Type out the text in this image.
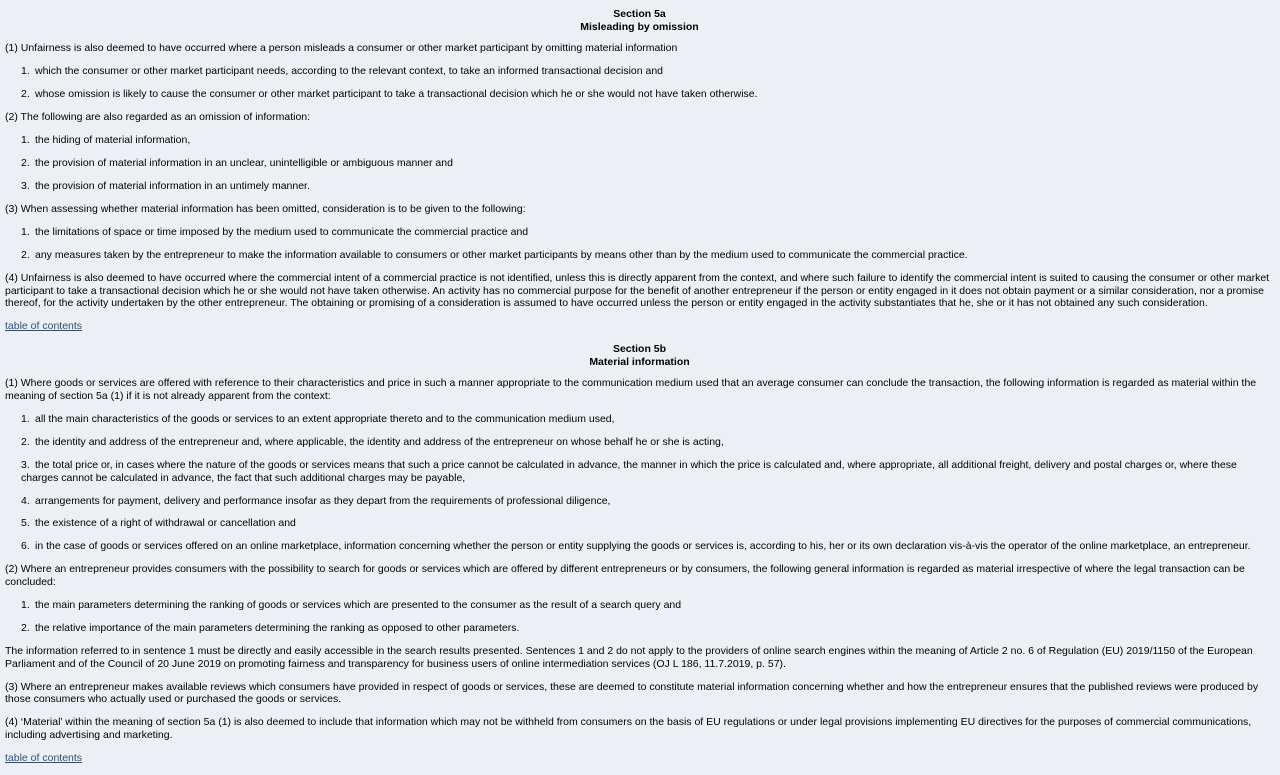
Section 5a
Misleading by omission

(1) Unfairness is also deemed to have occurred where a person misleads a consumer or other market participant by omitting material information

1. which the consumer or other market participant needs, according to the relevant context, to take an informed transactional decision and
2. whose omission is likely to cause the consumer or other market participant to take a transactional decision which he or she would not have taken otherwise.

(2) The following are also regarded as an omission of information:

1. the hiding of material information,
2. the provision of material information in an unclear, unintelligible or ambiguous manner and
3. the provision of material information in an untimely manner.

(3) When assessing whether material information has been omitted, consideration is to be given to the following:

1. the limitations of space or time imposed by the medium used to communicate the commercial practice and
2. any measures taken by the entrepreneur to make the information available to consumers or other market participants by means other than by the medium used to communicate the commercial practice.

(4) Unfairness is also deemed to have occurred where the commercial intent of a commercial practice is not identified, unless this is directly apparent from the context, and where such failure to identify the commercial intent is suited to causing the consumer or other market participant to take a transactional decision which he or she would not have taken otherwise. An activity has no commercial purpose for the benefit of another entrepreneur if the person or entity engaged in it does not obtain payment or a similar consideration, nor a promise thereof, for the activity undertaken by the other entrepreneur. The obtaining or promising of a consideration is assumed to have occurred unless the person or entity engaged in the activity substantiates that he, she or it has not obtained any such consideration.

table of contents
Section 5b
Material information

(1) Where goods or services are offered with reference to their characteristics and price in such a manner appropriate to the communication medium used that an average consumer can conclude the transaction, the following information is regarded as material within the meaning of section 5a (1) if it is not already apparent from the context:

1. all the main characteristics of the goods or services to an extent appropriate thereto and to the communication medium used,
2. the identity and address of the entrepreneur and, where applicable, the identity and address of the entrepreneur on whose behalf he or she is acting,
3. the total price or, in cases where the nature of the goods or services means that such a price cannot be calculated in advance, the manner in which the price is calculated and, where appropriate, all additional freight, delivery and postal charges or, where these charges cannot be calculated in advance, the fact that such additional charges may be payable,
4. arrangements for payment, delivery and performance insofar as they depart from the requirements of professional diligence,
5. the existence of a right of withdrawal or cancellation and
6. in the case of goods or services offered on an online marketplace, information concerning whether the person or entity supplying the goods or services is, according to his, her or its own declaration vis-à-vis the operator of the online marketplace, an entrepreneur.

(2) Where an entrepreneur provides consumers with the possibility to search for goods or services which are offered by different entrepreneurs or by consumers, the following general information is regarded as material irrespective of where the legal transaction can be concluded:

1. the main parameters determining the ranking of goods or services which are presented to the consumer as the result of a search query and
2. the relative importance of the main parameters determining the ranking as opposed to other parameters.

The information referred to in sentence 1 must be directly and easily accessible in the search results presented. Sentences 1 and 2 do not apply to the providers of online search engines within the meaning of Article 2 no. 6 of Regulation (EU) 2019/1150 of the European Parliament and of the Council of 20 June 2019 on promoting fairness and transparency for business users of online intermediation services (OJ L 186, 11.7.2019, p. 57).

(3) Where an entrepreneur makes available reviews which consumers have provided in respect of goods or services, these are deemed to constitute material information concerning whether and how the entrepreneur ensures that the published reviews were produced by those consumers who actually used or purchased the goods or services.

(4) ‘Material’ within the meaning of section 5a (1) is also deemed to include that information which may not be withheld from consumers on the basis of EU regulations or under legal provisions implementing EU directives for the purposes of commercial communications, including advertising and marketing.

table of contents
